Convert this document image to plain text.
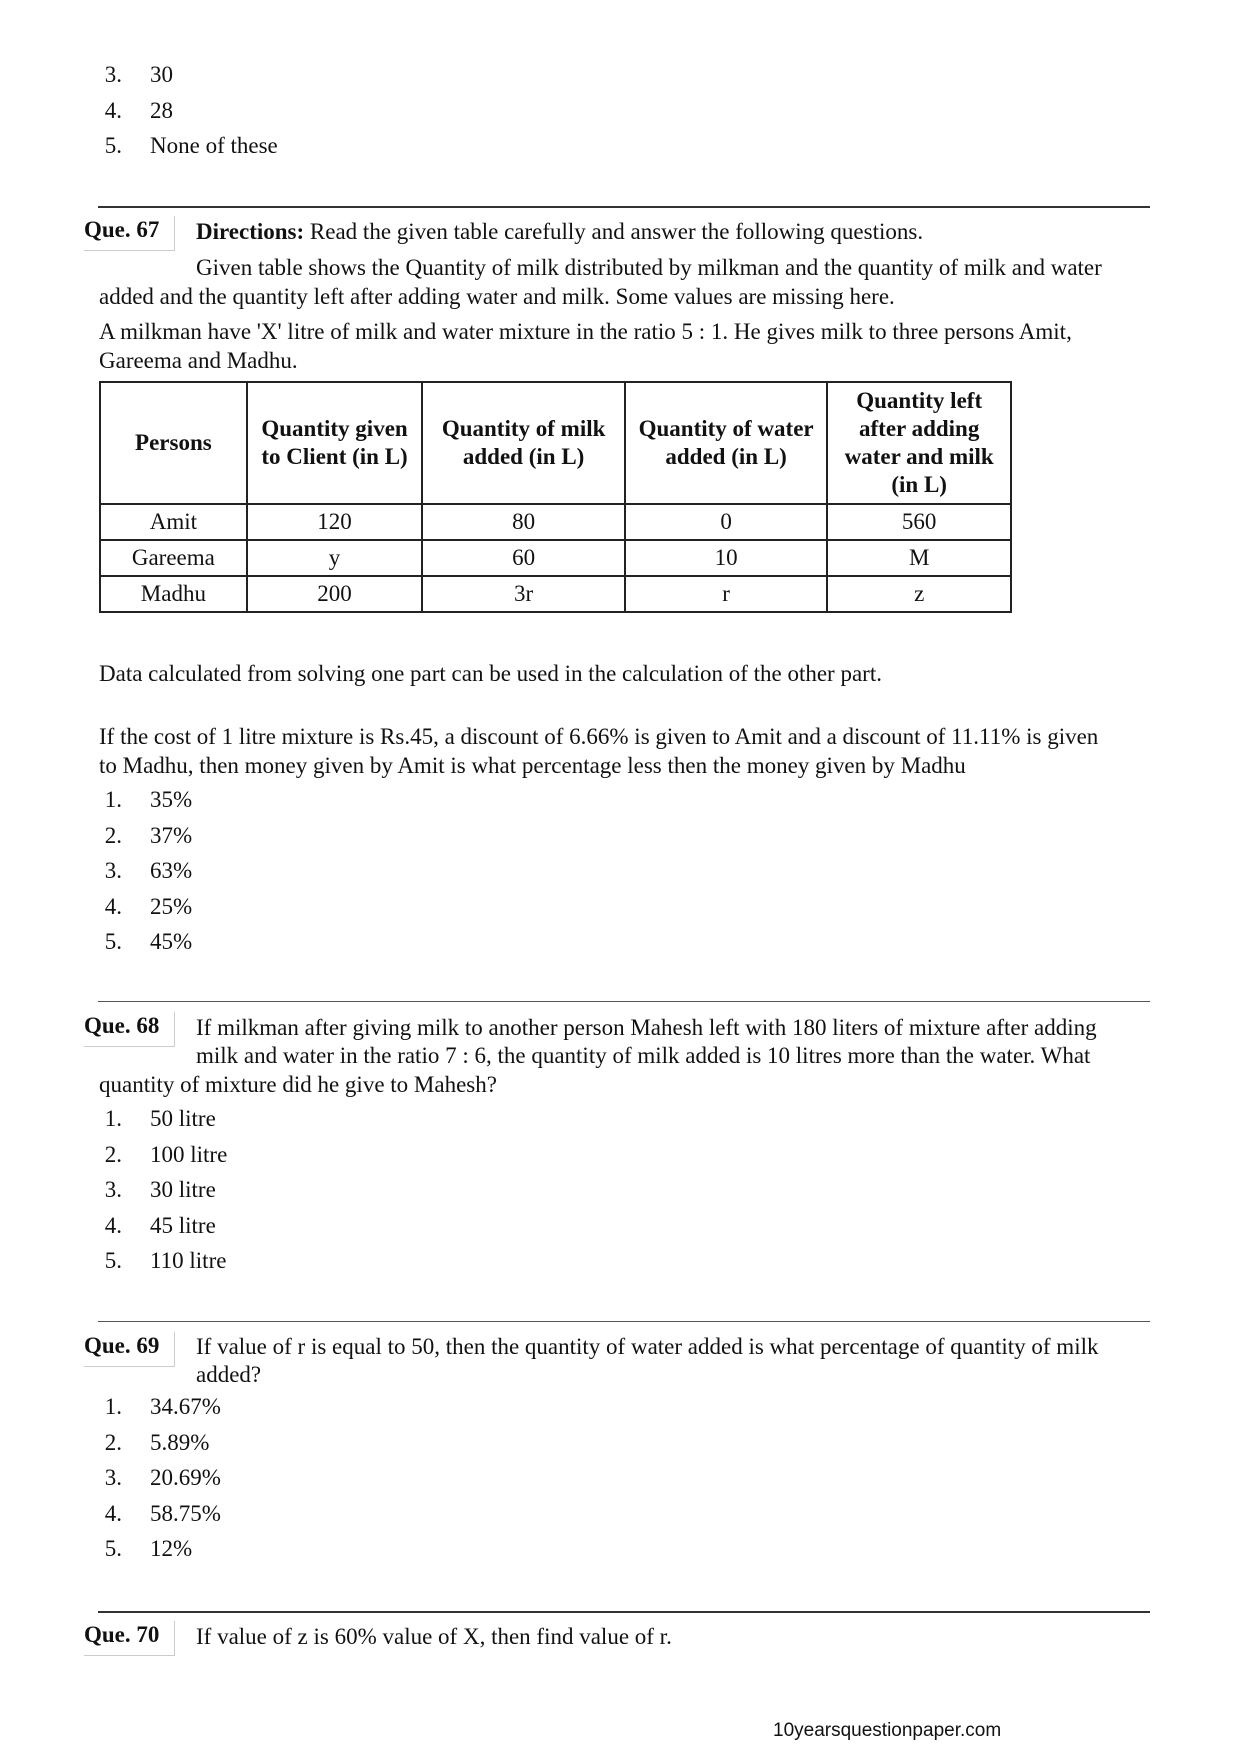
3. 30
4. 28
5. None of these
Que. 67	Directions: Read the given table carefully and answer the following questions.
Given table shows the Quantity of milk distributed by milkman and the quantity of milk and water
added and the quantity left after adding water and milk. Some values are missing here.
A milkman have 'X' litre of milk and water mixture in the ratio 5 : 1. He gives milk to three persons Amit,
Gareema and Madhu.
Persons	Quantity given to Client (in L)	Quantity of milk added (in L)	Quantity of water added (in L)	Quantity left after adding water and milk (in L)
Amit	120	80	0	560
Gareema	y	60	10	M
Madhu	200	3r	r	z
Data calculated from solving one part can be used in the calculation of the other part.
If the cost of 1 litre mixture is Rs.45, a discount of 6.66% is given to Amit and a discount of 11.11% is given
to Madhu, then money given by Amit is what percentage less then the money given by Madhu
1. 35%
2. 37%
3. 63%
4. 25%
5. 45%
Que. 68	If milkman after giving milk to another person Mahesh left with 180 liters of mixture after adding
milk and water in the ratio 7 : 6, the quantity of milk added is 10 litres more than the water. What
quantity of mixture did he give to Mahesh?
1. 50 litre
2. 100 litre
3. 30 litre
4. 45 litre
5. 110 litre
Que. 69	If value of r is equal to 50, then the quantity of water added is what percentage of quantity of milk
added?
1. 34.67%
2. 5.89%
3. 20.69%
4. 58.75%
5. 12%
Que. 70	If value of z is 60% value of X, then find value of r.
10yearsquestionpaper.com
